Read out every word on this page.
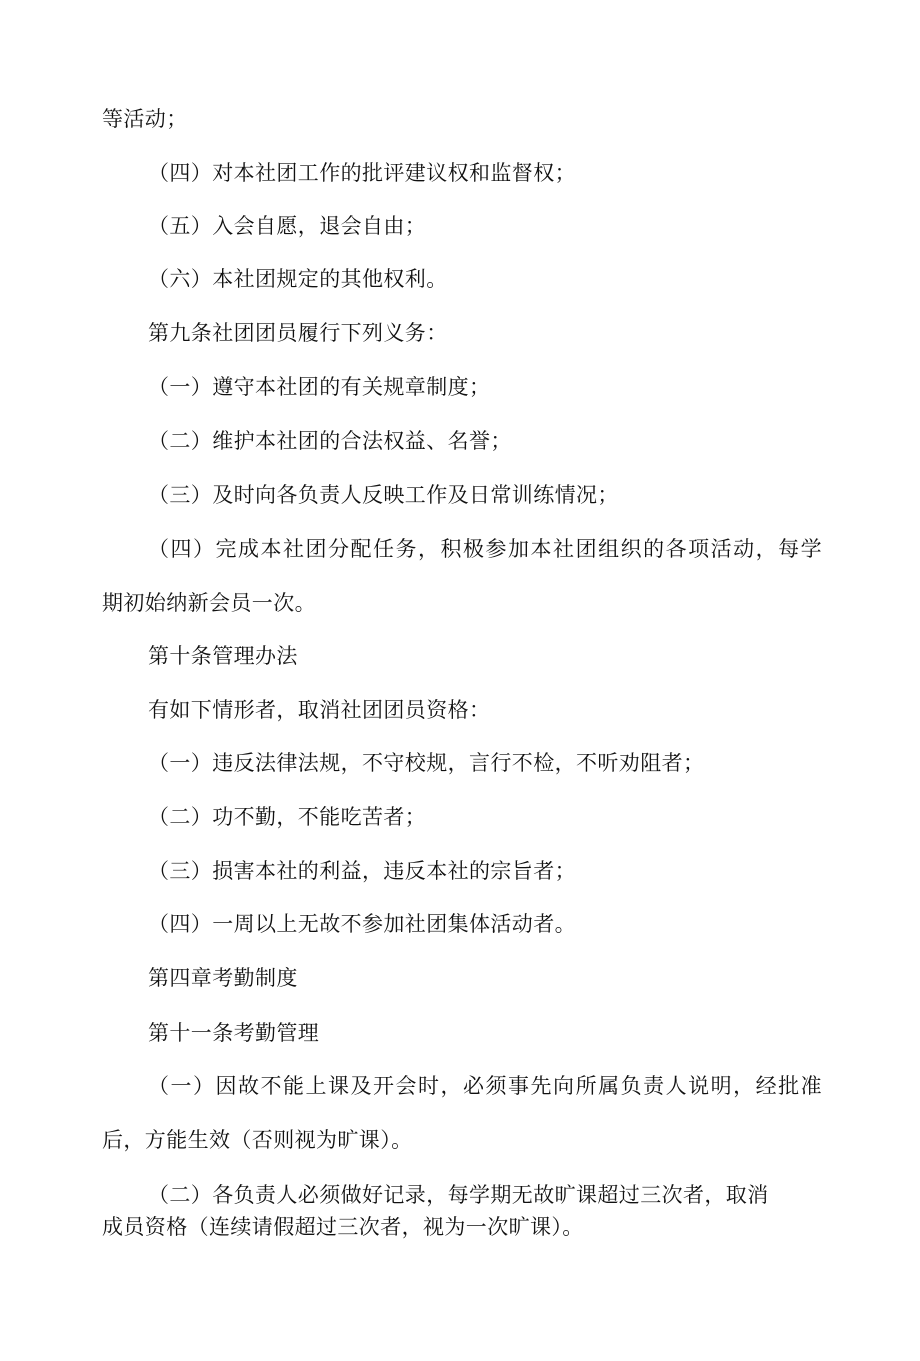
等活动；
（四）对本社团工作的批评建议权和监督权；
（五）入会自愿，退会自由；
（六）本社团规定的其他权利。
第九条社团团员履行下列义务：
（一）遵守本社团的有关规章制度；
（二）维护本社团的合法权益、名誉；
（三）及时向各负责人反映工作及日常训练情况；
（四）完成本社团分配任务，积极参加本社团组织的各项活动，每学
期初始纳新会员一次。
第十条管理办法
有如下情形者，取消社团团员资格：
（一）违反法律法规，不守校规，言行不检，不听劝阻者；
（二）功不勤，不能吃苦者；
（三）损害本社的利益，违反本社的宗旨者；
（四）一周以上无故不参加社团集体活动者。
第四章考勤制度
第十一条考勤管理
（一）因故不能上课及开会时，必须事先向所属负责人说明，经批准
后，方能生效（否则视为旷课）。
（二）各负责人必须做好记录，每学期无故旷课超过三次者，取消
成员资格（连续请假超过三次者，视为一次旷课）。
